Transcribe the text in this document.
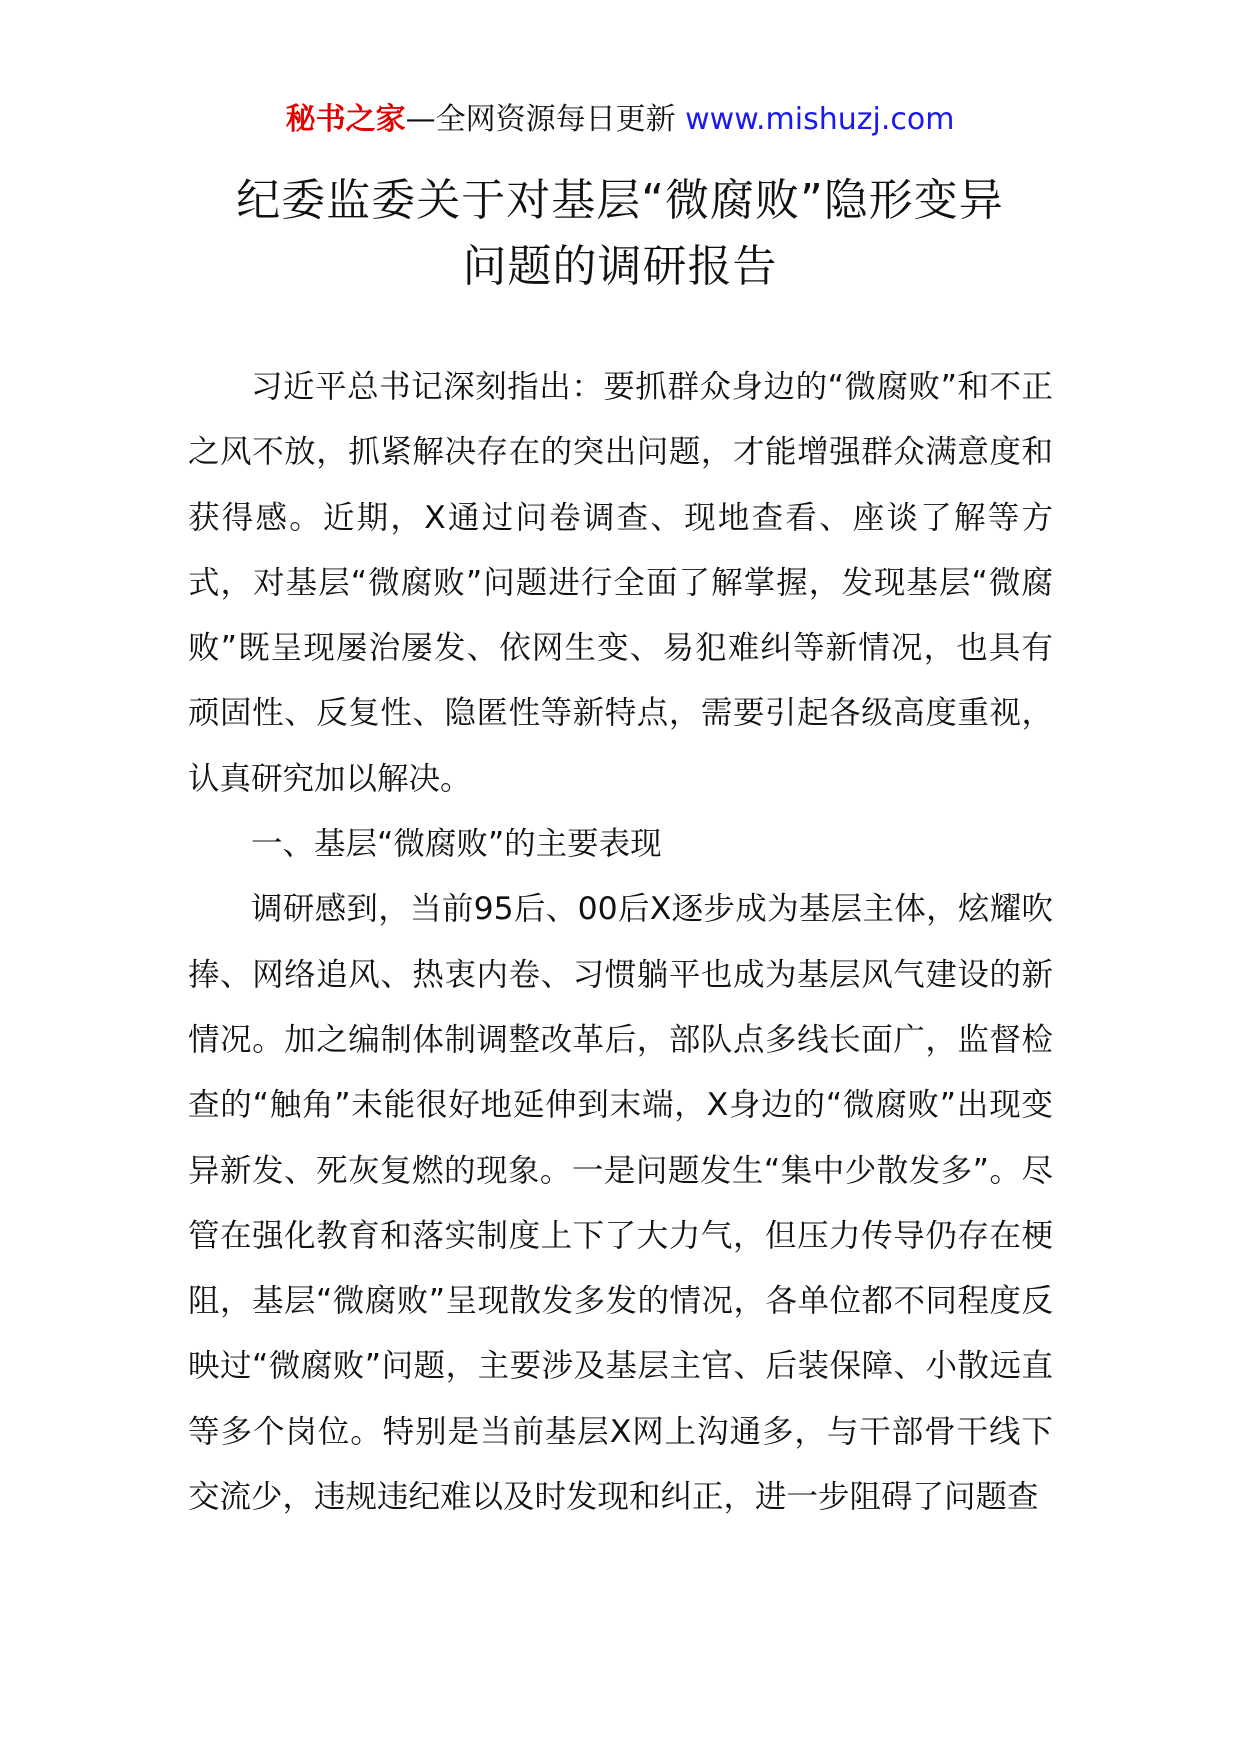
秘书之家—全网资源每日更新 www.mishuzj.com
纪委监委关于对基层“微腐败”隐形变异
问题的调研报告

习近平总书记深刻指出：要抓群众身边的“微腐败”和不正之风不放，抓紧解决存在的突出问题，才能增强群众满意度和获得感。近期，X通过问卷调查、现地查看、座谈了解等方式，对基层“微腐败”问题进行全面了解掌握，发现基层“微腐败”既呈现屡治屡发、依网生变、易犯难纠等新情况，也具有顽固性、反复性、隐匿性等新特点，需要引起各级高度重视，认真研究加以解决。

一、基层“微腐败”的主要表现

调研感到，当前95后、00后X逐步成为基层主体，炫耀吹捧、网络追风、热衷内卷、习惯躺平也成为基层风气建设的新情况。加之编制体制调整改革后，部队点多线长面广，监督检查的“触角”未能很好地延伸到末端，X身边的“微腐败”出现变异新发、死灰复燃的现象。一是问题发生“集中少散发多”。尽管在强化教育和落实制度上下了大力气，但压力传导仍存在梗阻，基层“微腐败”呈现散发多发的情况，各单位都不同程度反映过“微腐败”问题，主要涉及基层主官、后装保障、小散远直等多个岗位。特别是当前基层X网上沟通多，与干部骨干线下交流少，违规违纪难以及时发现和纠正，进一步阻碍了问题查
